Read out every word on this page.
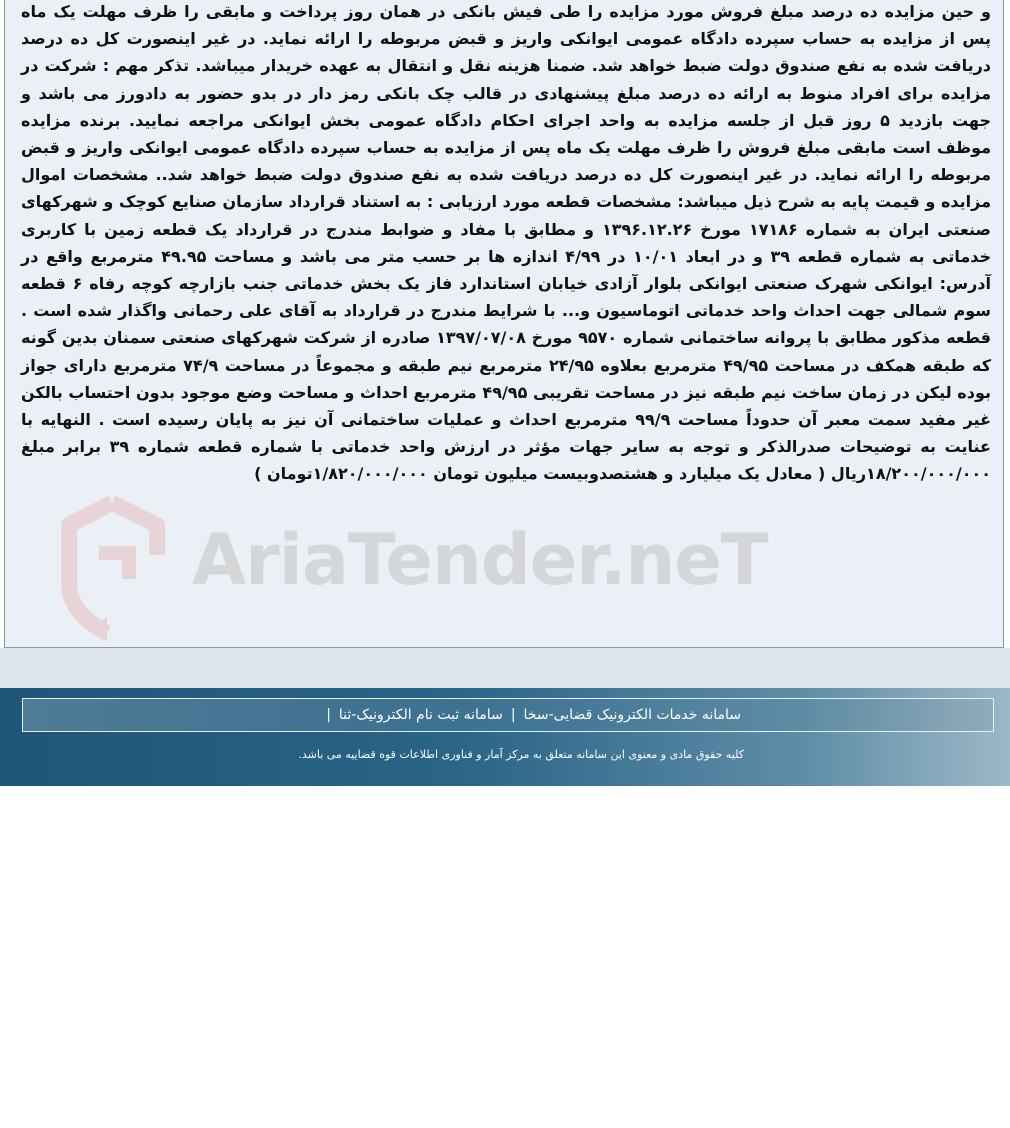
AriaTender.neT

و حین مزایده ده درصد مبلغ فروش مورد مزایده را طی فیش بانکی در همان روز پرداخت و مابقی را ظرف مهلت یک ماه پس از مزایده به حساب سپرده دادگاه عمومی ایوانکی واریز و قبض مربوطه را ارائه نماید. در غیر اینصورت کل ده درصد دریافت شده به نفع صندوق دولت ضبط خواهد شد. ضمنا هزینه نقل و انتقال به عهده خریدار میباشد. تذکر مهم : شرکت در مزایده برای افراد منوط به ارائه ده درصد مبلغ پیشنهادی در قالب چک بانکی رمز دار در بدو حضور به دادورز می باشد و جهت بازدید ۵ روز قبل از جلسه مزایده به واحد اجرای احکام دادگاه عمومی بخش ایوانکی مراجعه نمایید. برنده مزایده موظف است مابقی مبلغ فروش را ظرف مهلت یک ماه پس از مزایده به حساب سپرده دادگاه عمومی ایوانکی واریز و قبض مربوطه را ارائه نماید. در غیر اینصورت کل ده درصد دریافت شده به نفع صندوق دولت ضبط خواهد شد.. مشخصات اموال مزایده و قیمت پایه به شرح ذیل میباشد: مشخصات قطعه مورد ارزیابی : به استناد قرارداد سازمان صنایع کوچک و شهرکهای صنعتی ایران به شماره ۱۷۱۸۶ مورخ ۱۳۹۶.۱۲.۲۶ و مطابق با مفاد و ضوابط مندرج در قرارداد یک قطعه زمین با کاربری خدماتی به شماره قطعه ۳۹ و در ابعاد ۱۰/۰۱ در ۴/۹۹ اندازه ها بر حسب متر می باشد و مساحت ۴۹.۹۵ مترمربع واقع در آدرس: ایوانکی شهرک صنعتی ایوانکی بلوار آزادی خیابان استاندارد فاز یک بخش خدماتی جنب بازارچه کوچه رفاه ۶ قطعه سوم شمالی جهت احداث واحد خدماتی اتوماسیون و... با شرایط مندرج در قرارداد به آقای علی رحمانی واگذار شده است . قطعه مذکور مطابق با پروانه ساختمانی شماره ۹۵۷۰ مورخ ۱۳۹۷/۰۷/۰۸ صادره از شرکت شهرکهای صنعتی سمنان بدین گونه که طبقه همکف در مساحت ۴۹/۹۵ مترمربع بعلاوه ۲۴/۹۵ مترمربع نیم طبقه و مجموعاً در مساحت ۷۴/۹ مترمربع دارای جواز بوده لیکن در زمان ساخت نیم طبقه نیز در مساحت تقریبی ۴۹/۹۵ مترمربع احداث و مساحت وضع موجود بدون احتساب بالکن غیر مفید سمت معبر آن حدوداً مساحت ۹۹/۹ مترمربع احداث و عملیات ساختمانی آن نیز به پایان رسیده است . النهایه با عنایت به توضیحات صدرالذکر و توجه به سایر جهات مؤثر در ارزش واحد خدماتی با شماره قطعه شماره ۳۹ برابر مبلغ ۱۸/۲۰۰/۰۰۰/۰۰۰ریال ( معادل یک میلیارد و هشتصدوبیست میلیون تومان ۱/۸۲۰/۰۰۰/۰۰۰تومان )

سامانه خدمات الکترونیک قضایی-سخا
|
سامانه ثبت نام الکترونیک-ثنا
|
کلیه حقوق مادی و معنوی این سامانه متعلق به مرکز آمار و فناوری اطلاعات قوه قضاییه می باشد.
